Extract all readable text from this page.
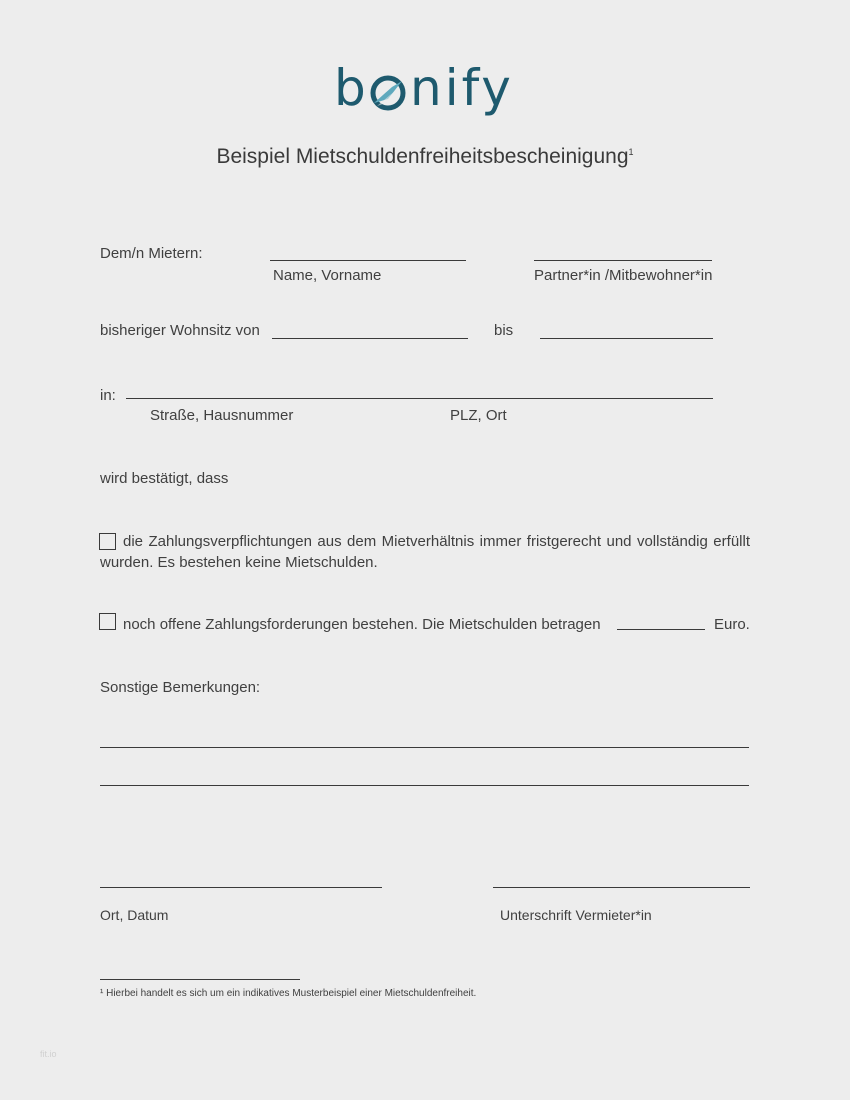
b nify
Beispiel Mietschuldenfreiheitsbescheinigung$^1$
Dem/n Mietern:
Name, Vorname	Partner*in /Mitbewohner*in
bisheriger Wohnsitz von	bis
in:
Straße, Hausnummer	PLZ, Ort
wird bestätigt, dass
die Zahlungsverpflichtungen aus dem Mietverhältnis immer fristgerecht und vollständig erfüllt wurden. Es bestehen keine Mietschulden.
noch offene Zahlungsforderungen bestehen. Die Mietschulden betragen	Euro.
Sonstige Bemerkungen:
Ort, Datum	Unterschrift Vermieter*in
¹ Hierbei handelt es sich um ein indikatives Musterbeispiel einer Mietschuldenfreiheit.
fit.io
